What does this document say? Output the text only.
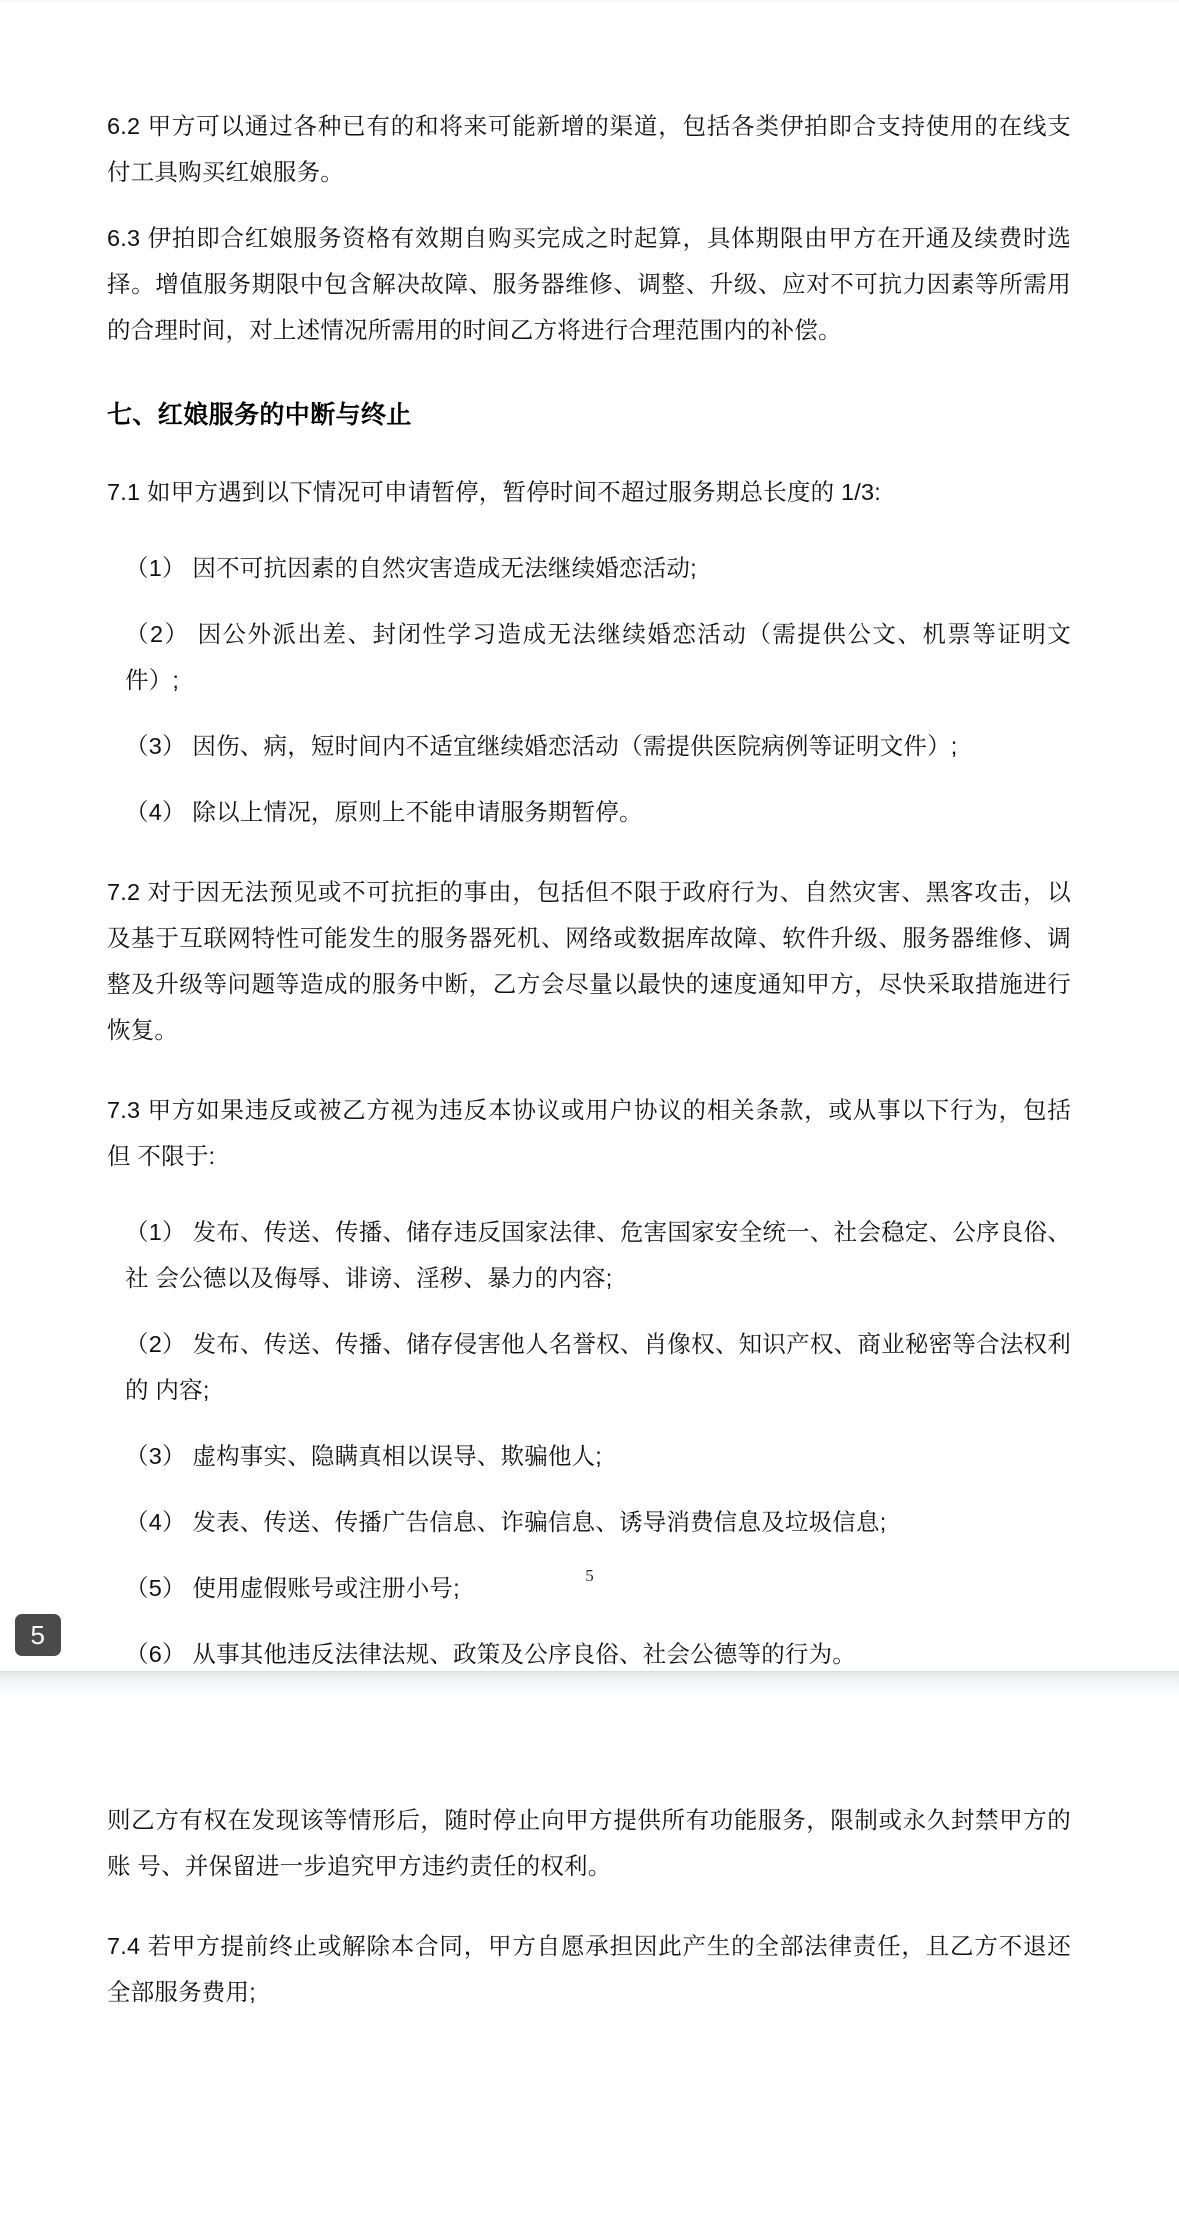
6.2 甲方可以通过各种已有的和将来可能新增的渠道，包括各类伊拍即合支持使用的在线支付工具购买红娘服务。

6.3 伊拍即合红娘服务资格有效期自购买完成之时起算，具体期限由甲方在开通及续费时选择。增值服务期限中包含解决故障、服务器维修、调整、升级、应对不可抗力因素等所需用的合理时间，对上述情况所需用的时间乙方将进行合理范围内的补偿。

七、红娘服务的中断与终止

7.1 如甲方遇到以下情况可申请暂停，暂停时间不超过服务期总长度的 1/3:

（1） 因不可抗因素的自然灾害造成无法继续婚恋活动;

（2） 因公外派出差、封闭性学习造成无法继续婚恋活动（需提供公文、机票等证明文件）;

（3） 因伤、病，短时间内不适宜继续婚恋活动（需提供医院病例等证明文件）;

（4） 除以上情况，原则上不能申请服务期暂停。

7.2 对于因无法预见或不可抗拒的事由，包括但不限于政府行为、自然灾害、黑客攻击，以及基于互联网特性可能发生的服务器死机、网络或数据库故障、软件升级、服务器维修、调整及升级等问题等造成的服务中断，乙方会尽量以最快的速度通知甲方，尽快采取措施进行恢复。

7.3 甲方如果违反或被乙方视为违反本协议或用户协议的相关条款，或从事以下行为，包括但 不限于:

（1） 发布、传送、传播、储存违反国家法律、危害国家安全统一、社会稳定、公序良俗、社 会公德以及侮辱、诽谤、淫秽、暴力的内容;

（2） 发布、传送、传播、储存侵害他人名誉权、肖像权、知识产权、商业秘密等合法权利的 内容;

（3） 虚构事实、隐瞒真相以误导、欺骗他人;

（4） 发表、传送、传播广告信息、诈骗信息、诱导消费信息及垃圾信息;

（5） 使用虚假账号或注册小号;

（6） 从事其他违反法律法规、政策及公序良俗、社会公德等的行为。

5
5

则乙方有权在发现该等情形后，随时停止向甲方提供所有功能服务，限制或永久封禁甲方的账 号、并保留进一步追究甲方违约责任的权利。

7.4 若甲方提前终止或解除本合同，甲方自愿承担因此产生的全部法律责任，且乙方不退还全部服务费用;
